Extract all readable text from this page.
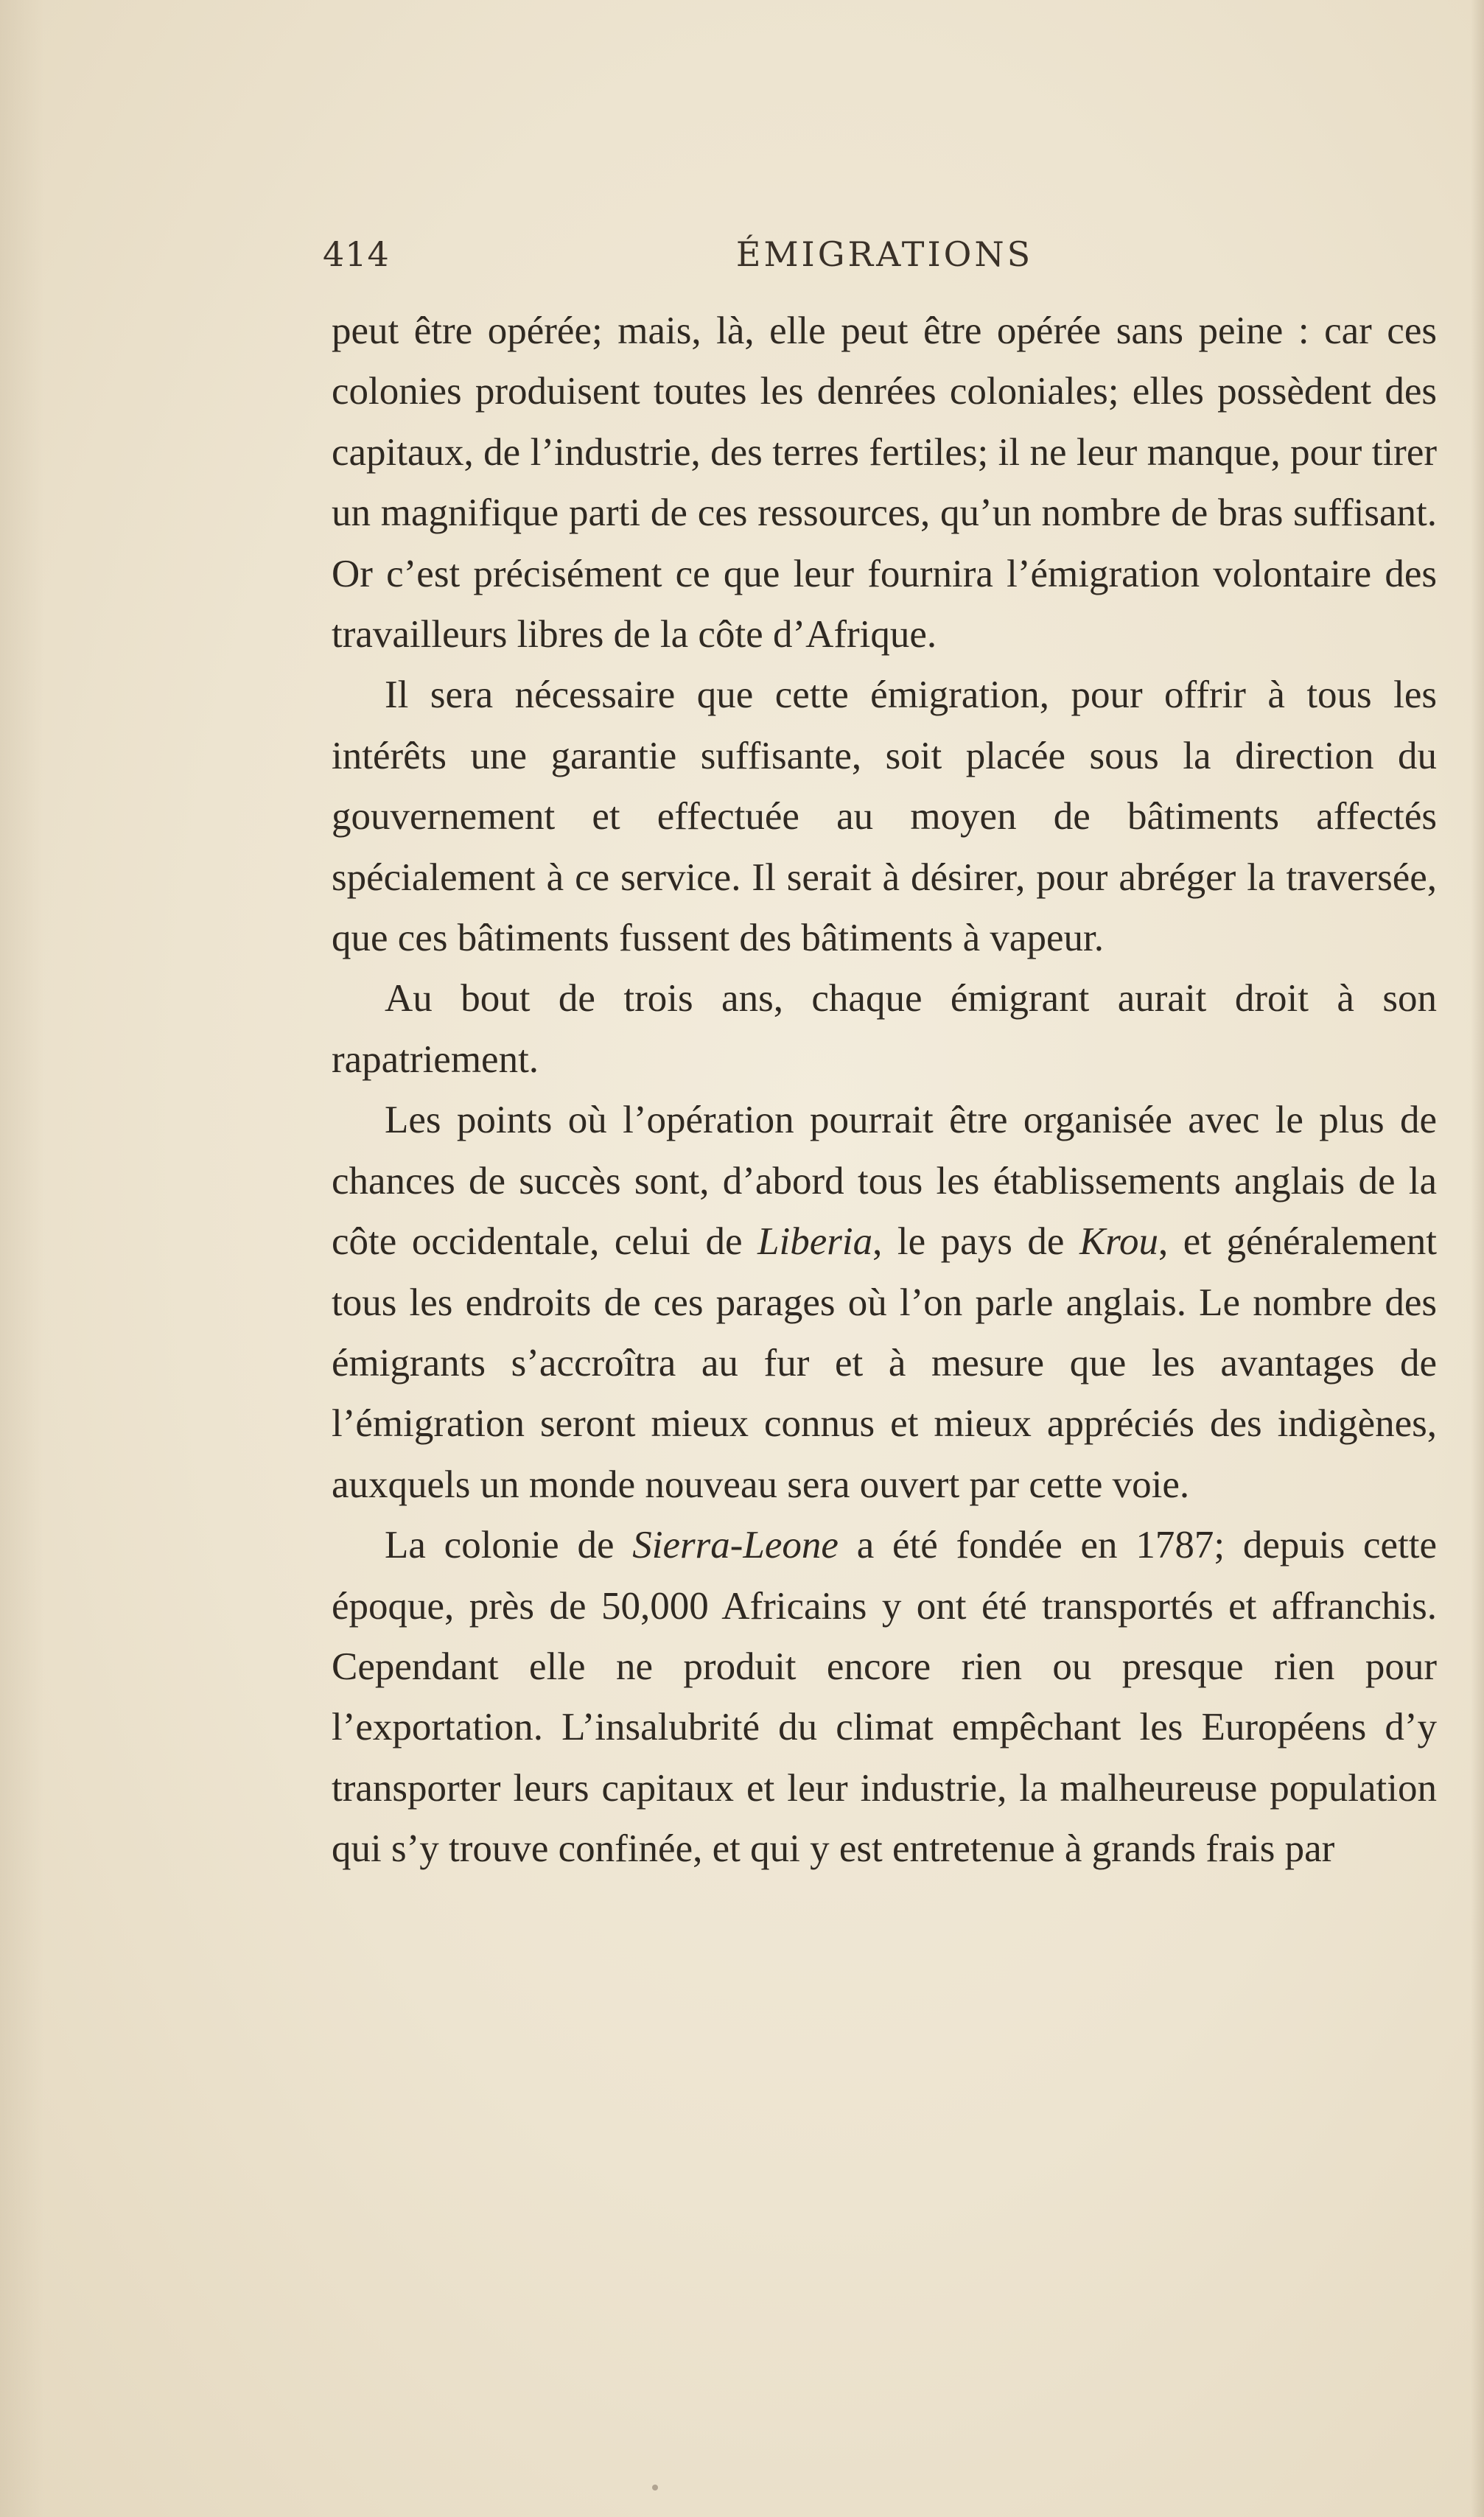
414	ÉMIGRATIONS

peut être opérée; mais, là, elle peut être opérée sans peine : car ces colonies produisent toutes les denrées coloniales; elles possèdent des capitaux, de l’industrie, des terres fertiles; il ne leur manque, pour tirer un magnifique parti de ces ressources, qu’un nombre de bras suffisant. Or c’est précisément ce que leur fournira l’émigration volontaire des travailleurs libres de la côte d’Afrique.

Il sera nécessaire que cette émigration, pour offrir à tous les intérêts une garantie suffisante, soit placée sous la direction du gouvernement et effectuée au moyen de bâtiments affectés spécialement à ce service. Il serait à désirer, pour abréger la traversée, que ces bâtiments fussent des bâtiments à vapeur.

Au bout de trois ans, chaque émigrant aurait droit à son rapatriement.

Les points où l’opération pourrait être organisée avec le plus de chances de succès sont, d’abord tous les établissements anglais de la côte occidentale, celui de Liberia, le pays de Krou, et généralement tous les endroits de ces parages où l’on parle anglais. Le nombre des émigrants s’accroîtra au fur et à mesure que les avantages de l’émigration seront mieux connus et mieux appréciés des indigènes, auxquels un monde nouveau sera ouvert par cette voie.

La colonie de Sierra-Leone a été fondée en 1787; depuis cette époque, près de 50,000 Africains y ont été transportés et affranchis. Cependant elle ne produit encore rien ou presque rien pour l’exportation. L’insalubrité du climat empêchant les Européens d’y transporter leurs capitaux et leur industrie, la malheureuse population qui s’y trouve confinée, et qui y est entretenue à grands frais par
